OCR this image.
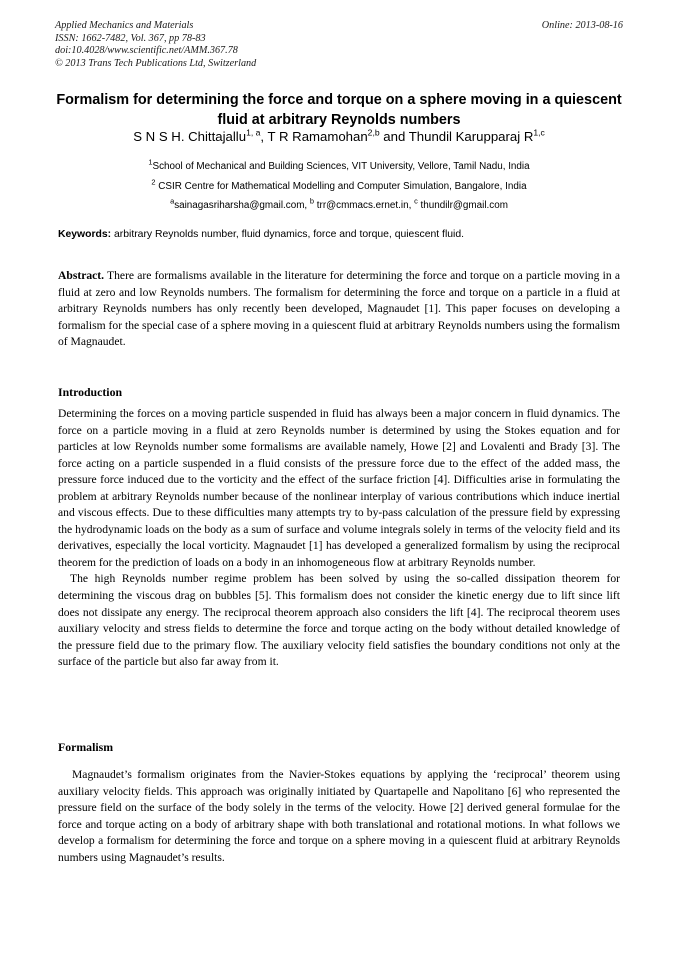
Applied Mechanics and Materials
ISSN: 1662-7482, Vol. 367, pp 78-83
doi:10.4028/www.scientific.net/AMM.367.78
© 2013 Trans Tech Publications Ltd, Switzerland
Online: 2013-08-16
Formalism for determining the force and torque on a sphere moving in a quiescent fluid at arbitrary Reynolds numbers
S N S H. Chittajallu$^{1, a}$, T R Ramamohan$^{2,b}$ and Thundil Karupparaj R$^{1,c}$
$^1$School of Mechanical and Building Sciences, VIT University, Vellore, Tamil Nadu, India
$^2$ CSIR Centre for Mathematical Modelling and Computer Simulation, Bangalore, India
$^a$sainagasriharsha@gmail.com, $^b$ trr@cmmacs.ernet.in, $^c$ thundilr@gmail.com
Keywords: arbitrary Reynolds number, fluid dynamics, force and torque, quiescent fluid.
Abstract. There are formalisms available in the literature for determining the force and torque on a particle moving in a fluid at zero and low Reynolds numbers. The formalism for determining the force and torque on a particle in a fluid at arbitrary Reynolds numbers has only recently been developed, Magnaudet [1]. This paper focuses on developing a formalism for the special case of a sphere moving in a quiescent fluid at arbitrary Reynolds numbers using the formalism of Magnaudet.
Introduction

Determining the forces on a moving particle suspended in fluid has always been a major concern in fluid dynamics. The force on a particle moving in a fluid at zero Reynolds number is determined by using the Stokes equation and for particles at low Reynolds number some formalisms are available namely, Howe [2] and Lovalenti and Brady [3]. The force acting on a particle suspended in a fluid consists of the pressure force due to the effect of the added mass, the pressure force induced due to the vorticity and the effect of the surface friction [4]. Difficulties arise in formulating the problem at arbitrary Reynolds number because of the nonlinear interplay of various contributions which induce inertial and viscous effects. Due to these difficulties many attempts try to by-pass calculation of the pressure field by expressing the hydrodynamic loads on the body as a sum of surface and volume integrals solely in terms of the velocity field and its derivatives, especially the local vorticity. Magnaudet [1] has developed a generalized formalism by using the reciprocal theorem for the prediction of loads on a body in an inhomogeneous flow at arbitrary Reynolds number.

The high Reynolds number regime problem has been solved by using the so-called dissipation theorem for determining the viscous drag on bubbles [5]. This formalism does not consider the kinetic energy due to lift since lift does not dissipate any energy. The reciprocal theorem approach also considers the lift [4]. The reciprocal theorem uses auxiliary velocity and stress fields to determine the force and torque acting on the body without detailed knowledge of the pressure field due to the primary flow. The auxiliary velocity field satisfies the boundary conditions not only at the surface of the particle but also far away from it.

Formalism

Magnaudet’s formalism originates from the Navier-Stokes equations by applying the ‘reciprocal’ theorem using auxiliary velocity fields. This approach was originally initiated by Quartapelle and Napolitano [6] who represented the pressure field on the surface of the body solely in the terms of the velocity. Howe [2] derived general formulae for the force and torque acting on a body of arbitrary shape with both translational and rotational motions. In what follows we develop a formalism for determining the force and torque on a sphere moving in a quiescent fluid at arbitrary Reynolds numbers using Magnaudet’s results.
